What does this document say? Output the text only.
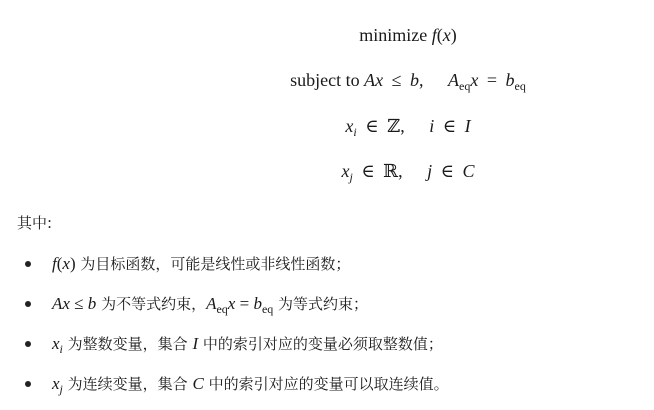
minimize f(x)
subject to Ax ≤ b, $A_{eq}x = b_{eq}$
$x_i$ ∈ ℤ, i ∈ I
$x_j$ ∈ ℝ, j ∈ C
其中:
f(x) 为目标函数，可能是线性或非线性函数；
Ax ≤ b 为不等式约束，$A_{eq}x = b_{eq}$ 为等式约束；
$x_i$ 为整数变量，集合 I 中的索引对应的变量必须取整数值；
$x_j$ 为连续变量，集合 C 中的索引对应的变量可以取连续值。
